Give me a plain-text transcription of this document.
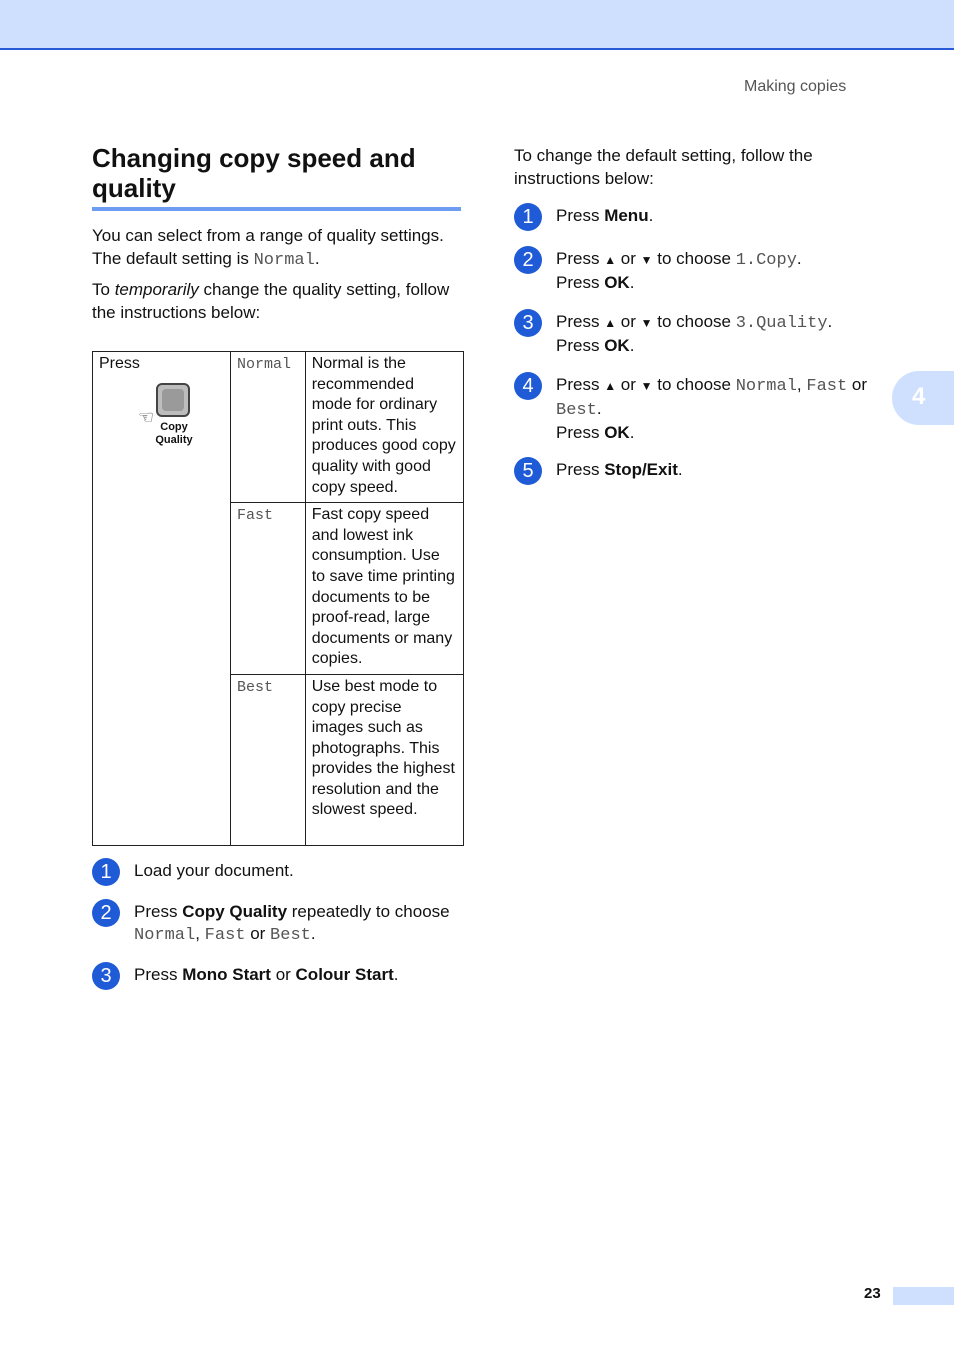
Making copies
4
Changing copy speed and quality

You can select from a range of quality settings. The default setting is Normal.

To temporarily change the quality setting, follow the instructions below:

Press
☜ Copy
Quality	Normal	Normal is the recommended mode for ordinary print outs. This produces good copy quality with good copy speed.
	Fast	Fast copy speed and lowest ink consumption. Use to save time printing documents to be proof-read, large documents or many copies.
	Best	Use best mode to copy precise images such as photographs. This provides the highest resolution and the slowest speed.
1	Load your document.
2	Press Copy Quality repeatedly to choose Normal, Fast or Best.
3	Press Mono Start or Colour Start.

To change the default setting, follow the instructions below:

1	Press Menu.
2	Press ▲ or ▼ to choose 1.Copy.
Press OK.
3	Press ▲ or ▼ to choose 3.Quality.
Press OK.
4	Press ▲ or ▼ to choose Normal, Fast or Best.
Press OK.
5	Press Stop/Exit.
23
